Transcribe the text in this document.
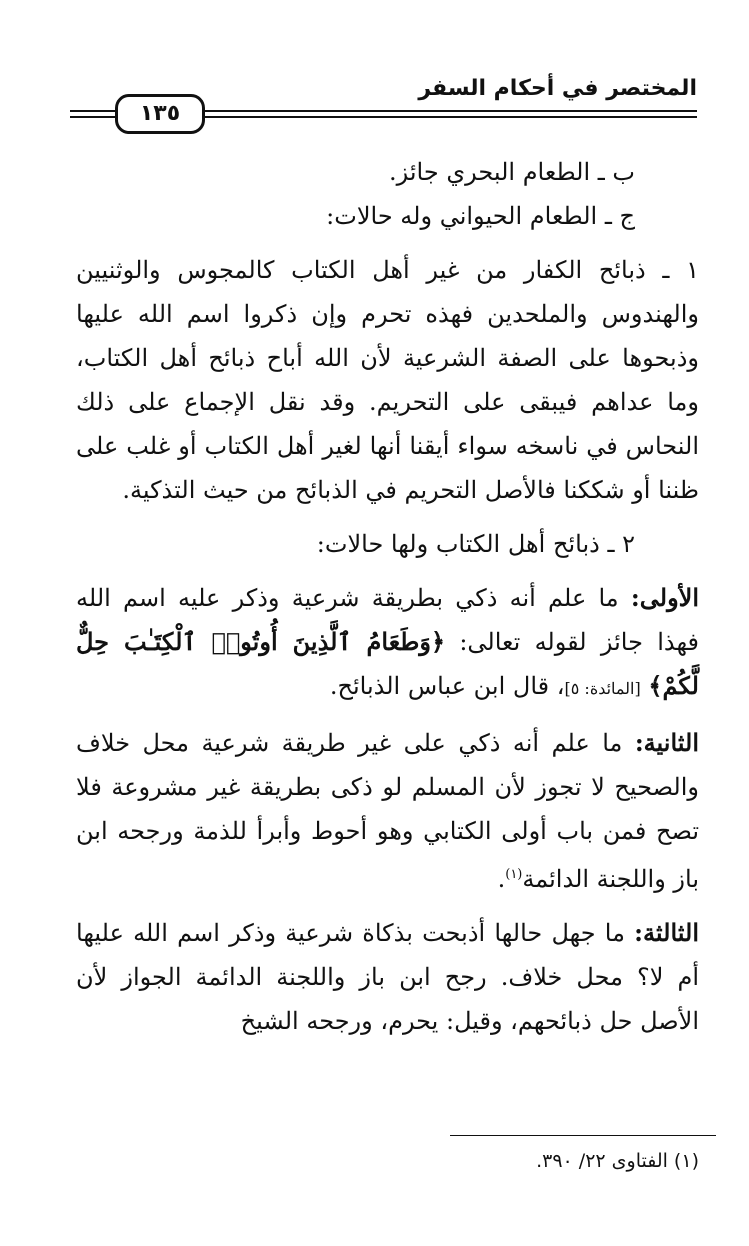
المختصر في أحكام السفر
١٣٥

ب ـ الطعام البحري جائز.

ج ـ الطعام الحيواني وله حالات:

١ ـ ذبائح الكفار من غير أهل الكتاب كالمجوس والوثنيين والهندوس والملحدين فهذه تحرم وإن ذكروا اسم الله عليها وذبحوها على الصفة الشرعية لأن الله أباح ذبائح أهل الكتاب، وما عداهم فيبقى على التحريم. وقد نقل الإجماع على ذلك النحاس في ناسخه سواء أيقنا أنها لغير أهل الكتاب أو غلب على ظننا أو شككنا فالأصل التحريم في الذبائح من حيث التذكية.

٢ ـ ذبائح أهل الكتاب ولها حالات:

الأولى: ما علم أنه ذكي بطريقة شرعية وذكر عليه اسم الله فهذا جائز لقوله تعالى: ﴿وَطَعَامُ ٱلَّذِينَ أُوتُوا۟ ٱلْكِتَـٰبَ حِلٌّ لَّكُمْ﴾ [المائدة: ٥]، قال ابن عباس الذبائح.

الثانية: ما علم أنه ذكي على غير طريقة شرعية محل خلاف والصحيح لا تجوز لأن المسلم لو ذكى بطريقة غير مشروعة فلا تصح فمن باب أولى الكتابي وهو أحوط وأبرأ للذمة ورجحه ابن باز واللجنة الدائمة$^{(١)}$.

الثالثة: ما جهل حالها أذبحت بذكاة شرعية وذكر اسم الله عليها أم لا؟ محل خلاف. رجح ابن باز واللجنة الدائمة الجواز لأن الأصل حل ذبائحهم، وقيل: يحرم، ورجحه الشيخ

(١) الفتاوى ٢٢/ ٣٩٠.
